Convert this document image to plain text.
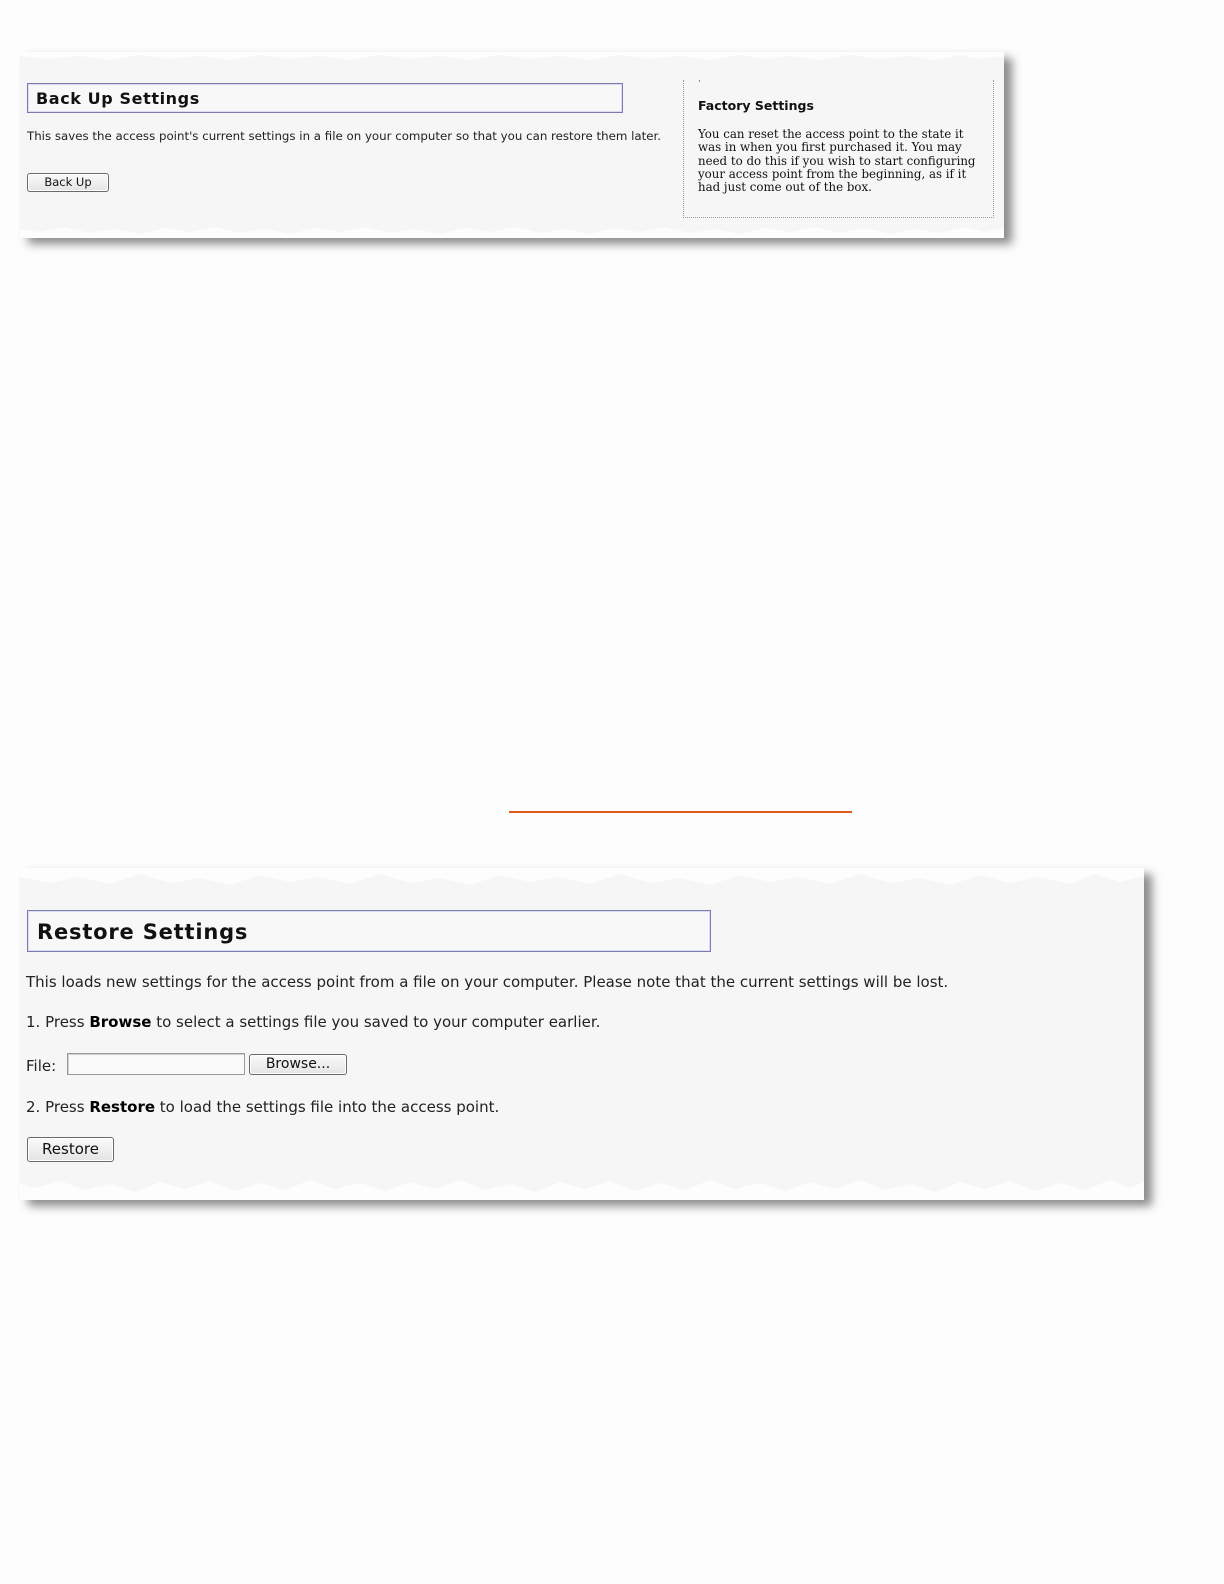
Back Up Settings
This saves the access point's current settings in a file on your computer so that you can restore them later.
Back Up
·
Factory Settings

You can reset the access point to the state it was in when you first purchased it. You may need to do this if you wish to start configuring your access point from the beginning, as if it had just come out of the box.

Restore Settings
This loads new settings for the access point from a file on your computer. Please note that the current settings will be lost.
1. Press Browse to select a settings file you saved to your computer earlier.
File:	Browse...
2. Press Restore to load the settings file into the access point.
Restore
